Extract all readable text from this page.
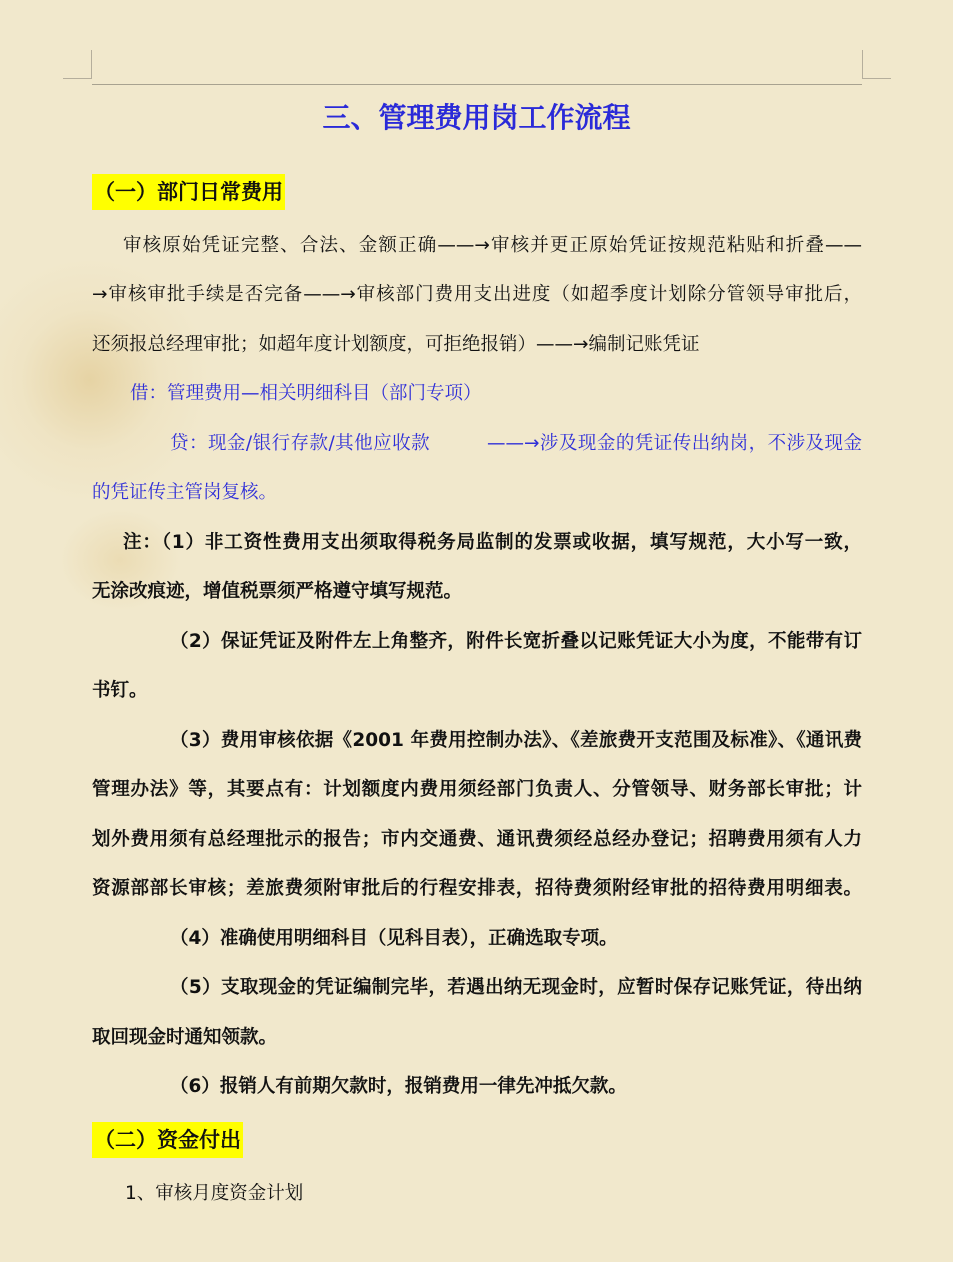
三、管理费用岗工作流程
（一）部门日常费用
审核原始凭证完整、合法、金额正确——→审核并更正原始凭证按规范粘贴和折叠——
→审核审批手续是否完备——→审核部门费用支出进度（如超季度计划除分管领导审批后，
还须报总经理审批；如超年度计划额度，可拒绝报销）——→编制记账凭证
借：管理费用—相关明细科目（部门专项）
贷：现金/银行存款/其他应收款　　　——→涉及现金的凭证传出纳岗，不涉及现金
的凭证传主管岗复核。
注：（1）非工资性费用支出须取得税务局监制的发票或收据，填写规范，大小写一致，
无涂改痕迹，增值税票须严格遵守填写规范。
（2）保证凭证及附件左上角整齐，附件长宽折叠以记账凭证大小为度，不能带有订
书钉。
（3）费用审核依据《2001 年费用控制办法》、《差旅费开支范围及标准》、《通讯费
管理办法》等，其要点有：计划额度内费用须经部门负责人、分管领导、财务部长审批；计
划外费用须有总经理批示的报告；市内交通费、通讯费须经总经办登记；招聘费用须有人力
资源部部长审核；差旅费须附审批后的行程安排表，招待费须附经审批的招待费用明细表。
（4）准确使用明细科目（见科目表），正确选取专项。
（5）支取现金的凭证编制完毕，若遇出纳无现金时，应暂时保存记账凭证，待出纳
取回现金时通知领款。
（6）报销人有前期欠款时，报销费用一律先冲抵欠款。
（二）资金付出
1、审核月度资金计划
